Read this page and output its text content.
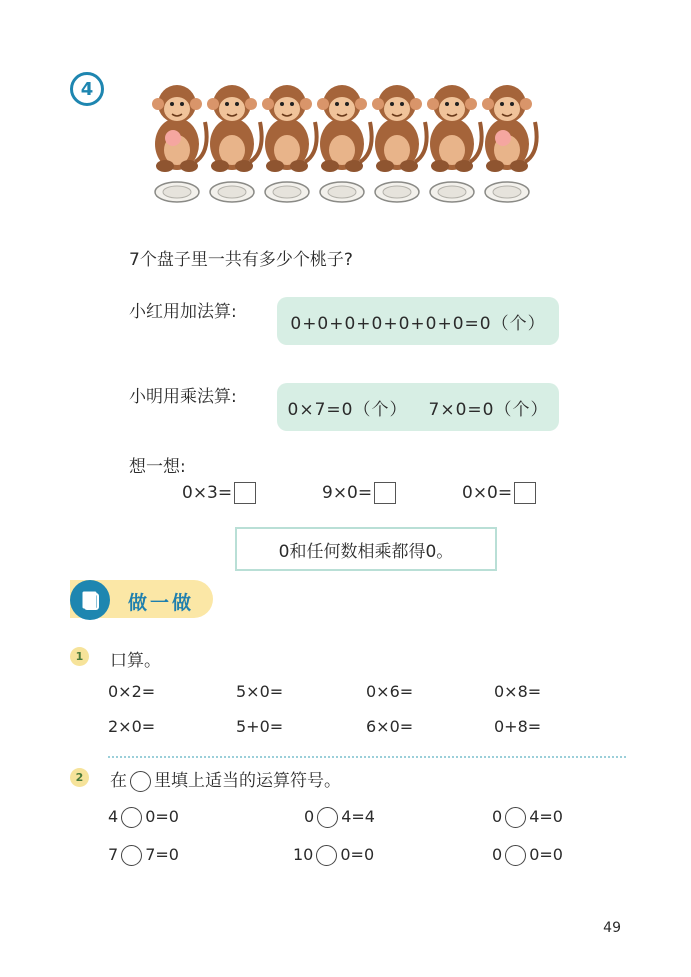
4
7个盘子里一共有多少个桃子?
小红用加法算:
0+0+0+0+0+0+0=0（个）
小明用乘法算:
0×7=0（个） 7×0=0（个）
想一想:
0×3=	9×0=	0×0=
0和任何数相乘都得0。
做一做
1 口算。
0×2=	5×0=	0×6=	0×8=
2×0=	5+0=	6×0=	0+8=
2 在 里填上适当的运算符号。
4 0=0	0 4=4	0 4=0
7 7=0	10 0=0	0 0=0
49
